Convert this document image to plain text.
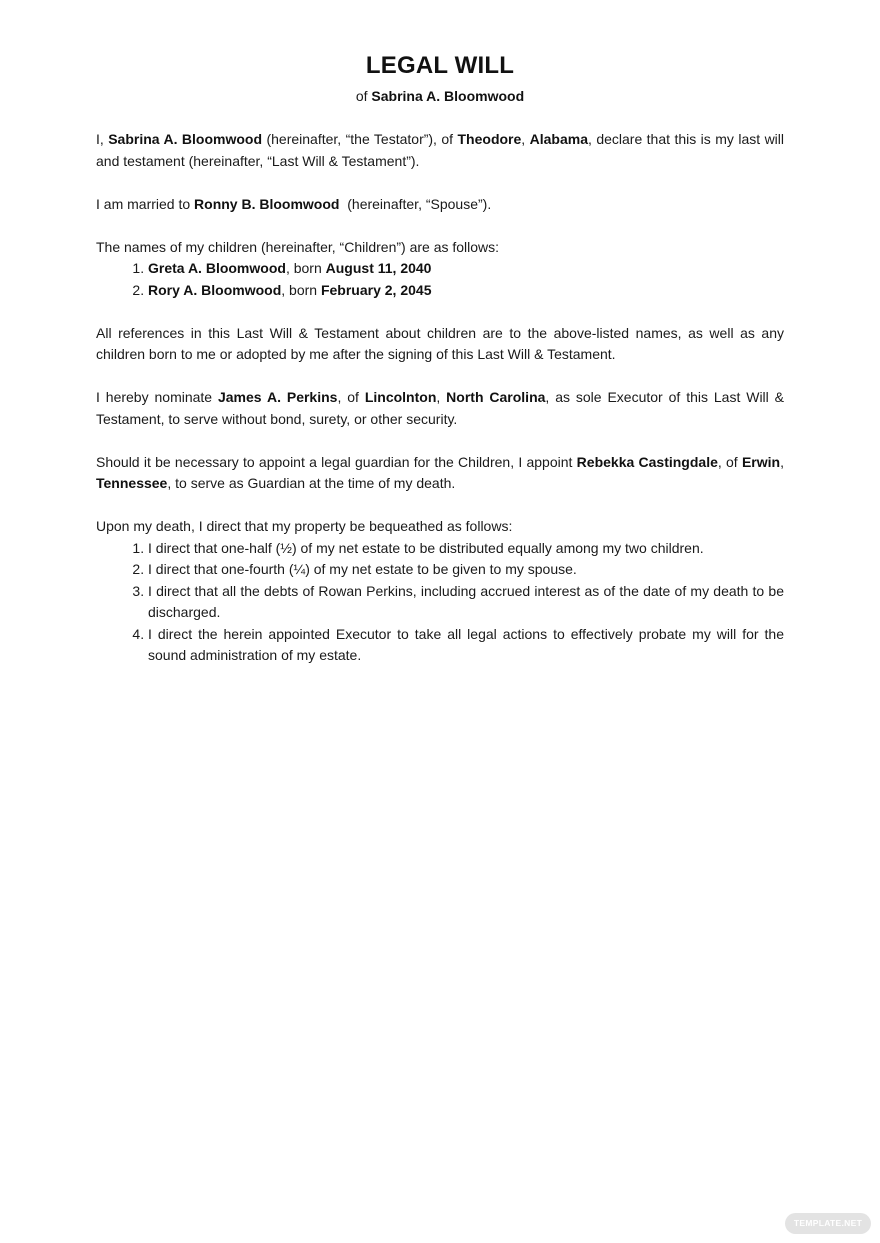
LEGAL WILL
of Sabrina A. Bloomwood

I, Sabrina A. Bloomwood (hereinafter, “the Testator”), of Theodore, Alabama, declare that this is my last will and testament (hereinafter, “Last Will & Testament”).

I am married to Ronny B. Bloomwood  (hereinafter, “Spouse”).

The names of my children (hereinafter, “Children”) are as follows:

1. Greta A. Bloomwood, born August 11, 2040
2. Rory A. Bloomwood, born February 2, 2045

All references in this Last Will & Testament about children are to the above-listed names, as well as any children born to me or adopted by me after the signing of this Last Will & Testament.

I hereby nominate James A. Perkins, of Lincolnton, North Carolina, as sole Executor of this Last Will & Testament, to serve without bond, surety, or other security.

Should it be necessary to appoint a legal guardian for the Children, I appoint Rebekka Castingdale, of Erwin, Tennessee, to serve as Guardian at the time of my death.

Upon my death, I direct that my property be bequeathed as follows:

1. I direct that one-half (½) of my net estate to be distributed equally among my two children.
2. I direct that one-fourth (¼) of my net estate to be given to my spouse.
3. I direct that all the debts of Rowan Perkins, including accrued interest as of the date of my death to be discharged.
4. I direct the herein appointed Executor to take all legal actions to effectively probate my will for the sound administration of my estate.
TEMPLATE.NET
